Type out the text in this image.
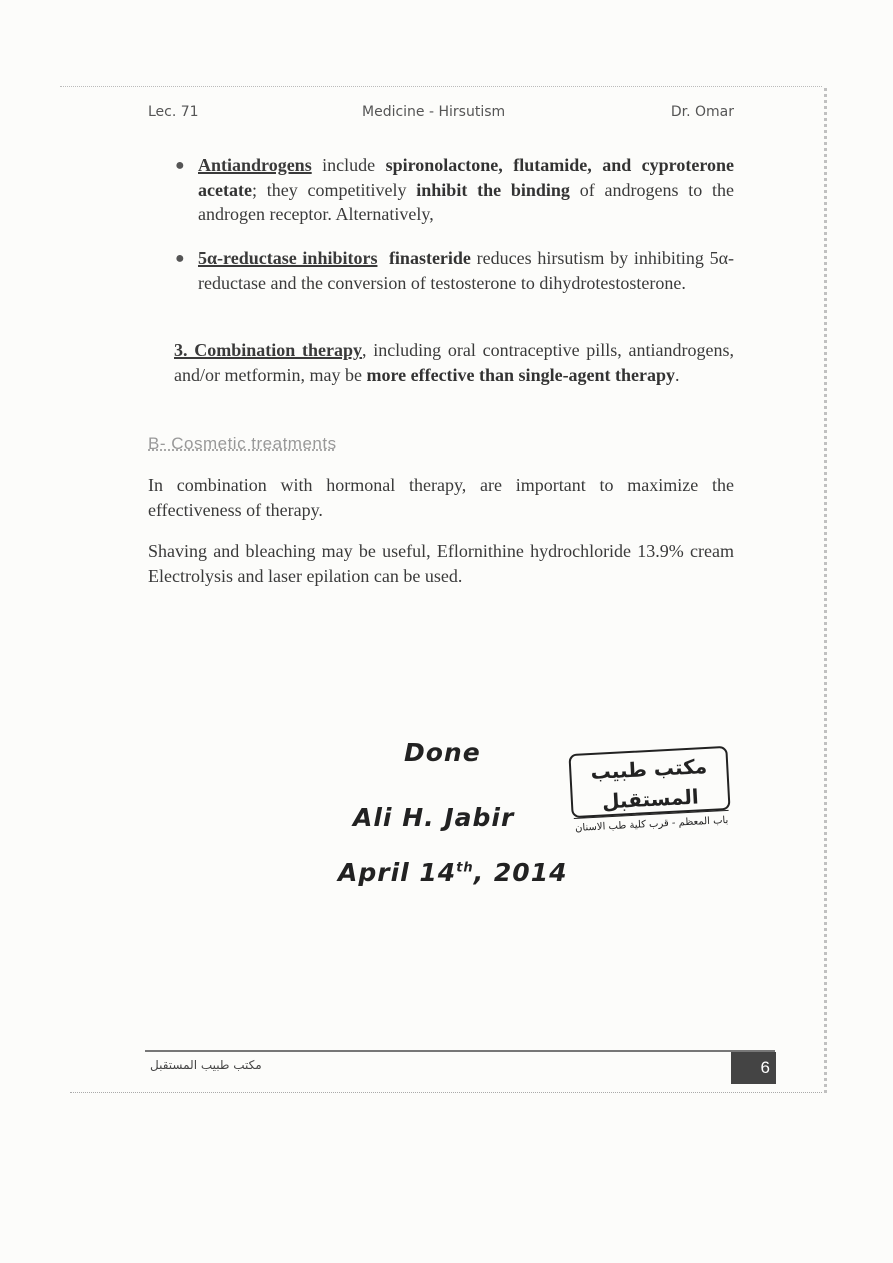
Lec. 71	Medicine - Hirsutism	Dr. Omar
● Antiandrogens include spironolactone, flutamide, and cyproterone acetate; they competitively inhibit the binding of androgens to the androgen receptor. Alternatively,
● 5α-reductase inhibitors finasteride reduces hirsutism by inhibiting 5α-reductase and the conversion of testosterone to dihydrotestosterone.
3. Combination therapy, including oral contraceptive pills, antiandrogens, and/or metformin, may be more effective than single-agent therapy.
B- Cosmetic treatments
In combination with hormonal therapy, are important to maximize the effectiveness of therapy.
Shaving and bleaching may be useful, Eflornithine hydrochloride 13.9% cream Electrolysis and laser epilation can be used.
Done
Ali H. Jabir
April 14th, 2014
مكتب طبيب المستقبل
باب المعظم - قرب كلية طب الاسنان
مكتب طبيب المستقبل	6
